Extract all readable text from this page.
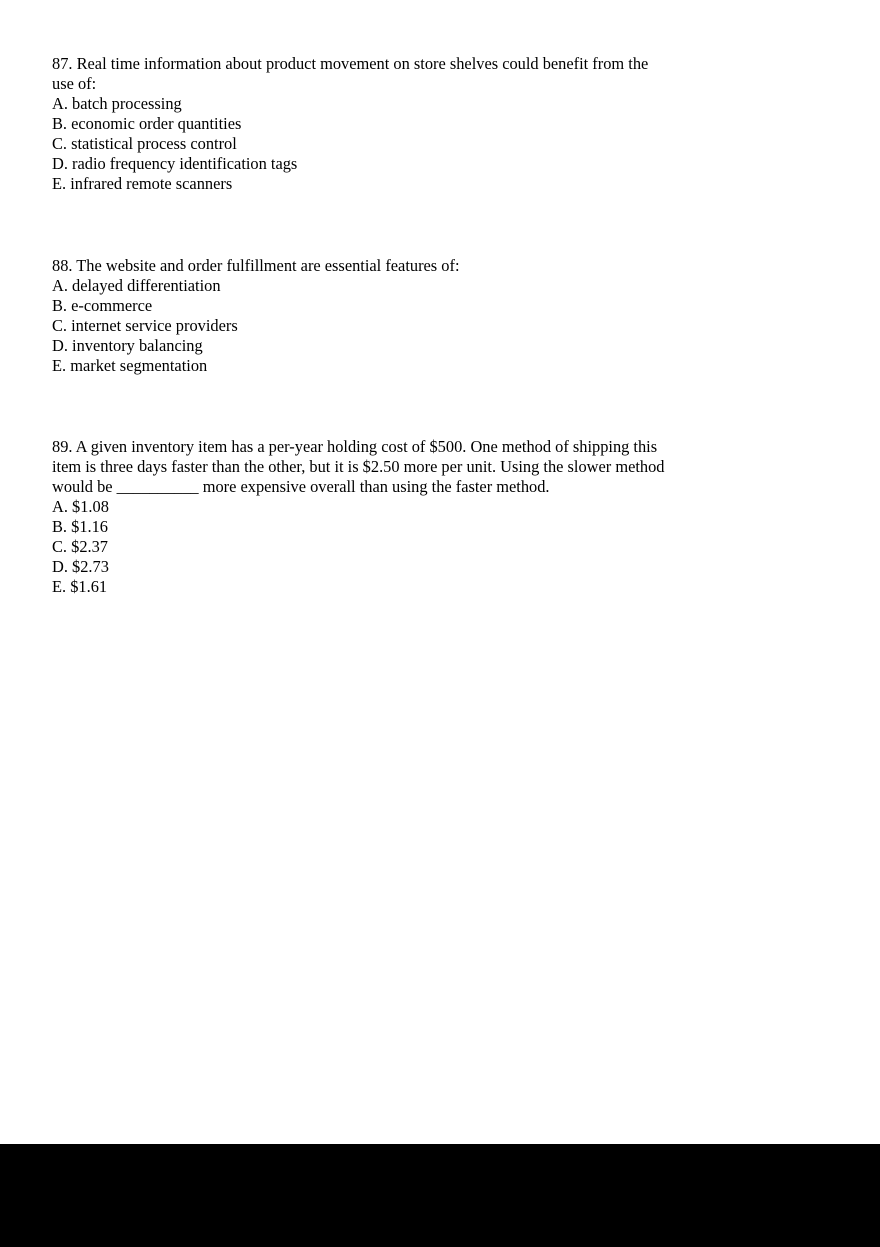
87. Real time information about product movement on store shelves could benefit from the use of:

A. batch processing
B. economic order quantities
C. statistical process control
D. radio frequency identification tags
E. infrared remote scanners

88. The website and order fulfillment are essential features of:

A. delayed differentiation
B. e-commerce
C. internet service providers
D. inventory balancing
E. market segmentation

89. A given inventory item has a per-year holding cost of $500. One method of shipping this item is three days faster than the other, but it is $2.50 more per unit. Using the slower method would be __________ more expensive overall than using the faster method.

A. $1.08
B. $1.16
C. $2.37
D. $2.73
E. $1.61
